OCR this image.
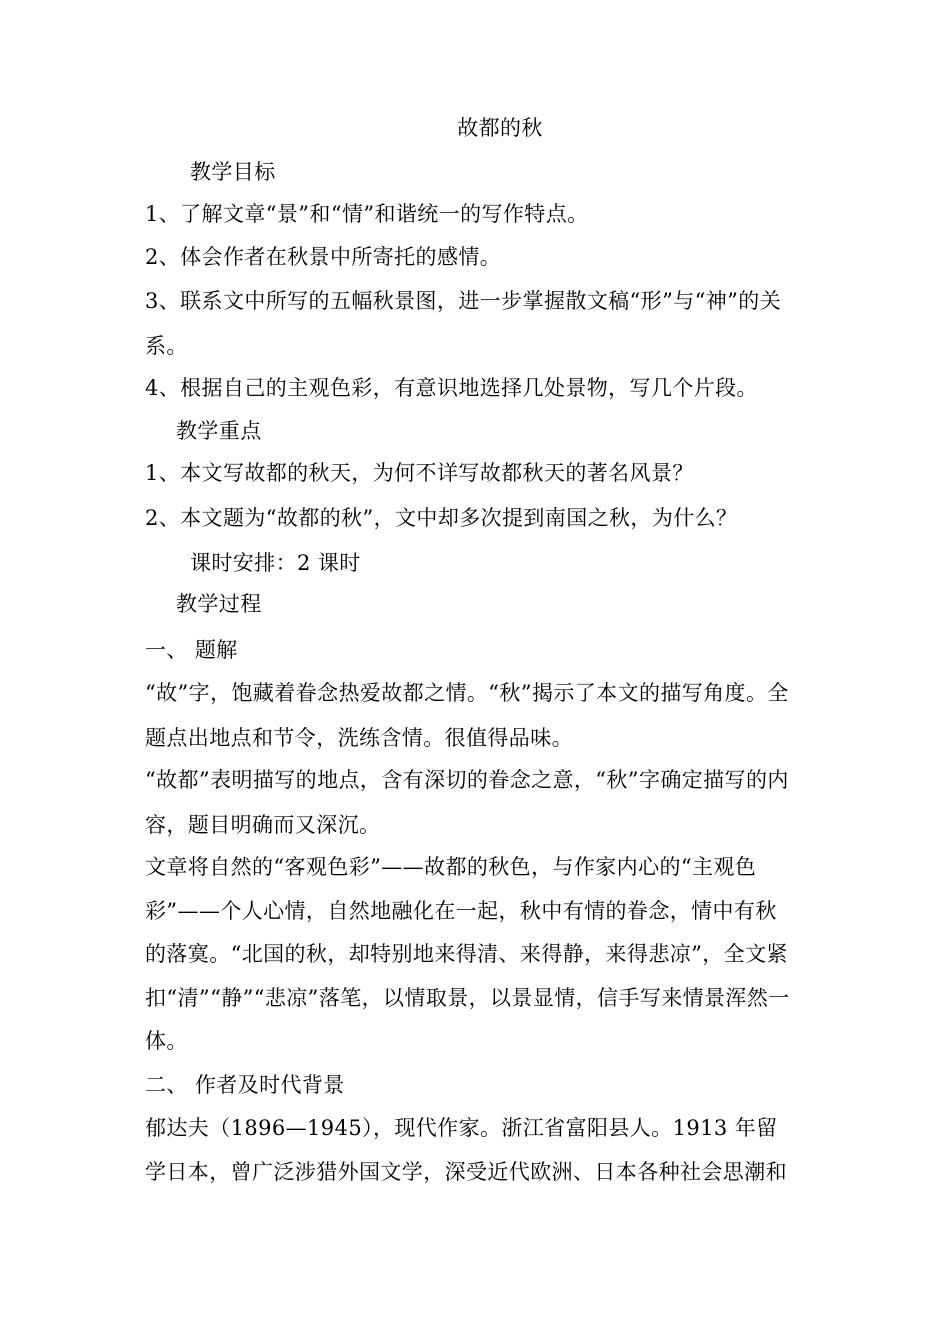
故都的秋
教学目标
1、了解文章“景”和“情”和谐统一的写作特点。
2、体会作者在秋景中所寄托的感情。
3、联系文中所写的五幅秋景图，进一步掌握散文稿“形”与“神”的关
系。
4、根据自己的主观色彩，有意识地选择几处景物，写几个片段。
教学重点
1、本文写故都的秋天，为何不详写故都秋天的著名风景？
2、本文题为“故都的秋”，文中却多次提到南国之秋，为什么？
课时安排：2 课时
教学过程
一、 题解
“故”字，饱藏着眷念热爱故都之情。“秋”揭示了本文的描写角度。全
题点出地点和节令，洗练含情。很值得品味。
“故都”表明描写的地点，含有深切的眷念之意，“秋”字确定描写的内
容，题目明确而又深沉。
文章将自然的“客观色彩”——故都的秋色，与作家内心的“主观色
彩”——个人心情，自然地融化在一起，秋中有情的眷念，情中有秋
的落寞。“北国的秋，却特别地来得清、来得静，来得悲凉”，全文紧
扣“清”“静”“悲凉”落笔，以情取景，以景显情，信手写来情景浑然一
体。
二、 作者及时代背景
郁达夫（1896—1945），现代作家。浙江省富阳县人。1913 年留
学日本，曾广泛涉猎外国文学，深受近代欧洲、日本各种社会思潮和
